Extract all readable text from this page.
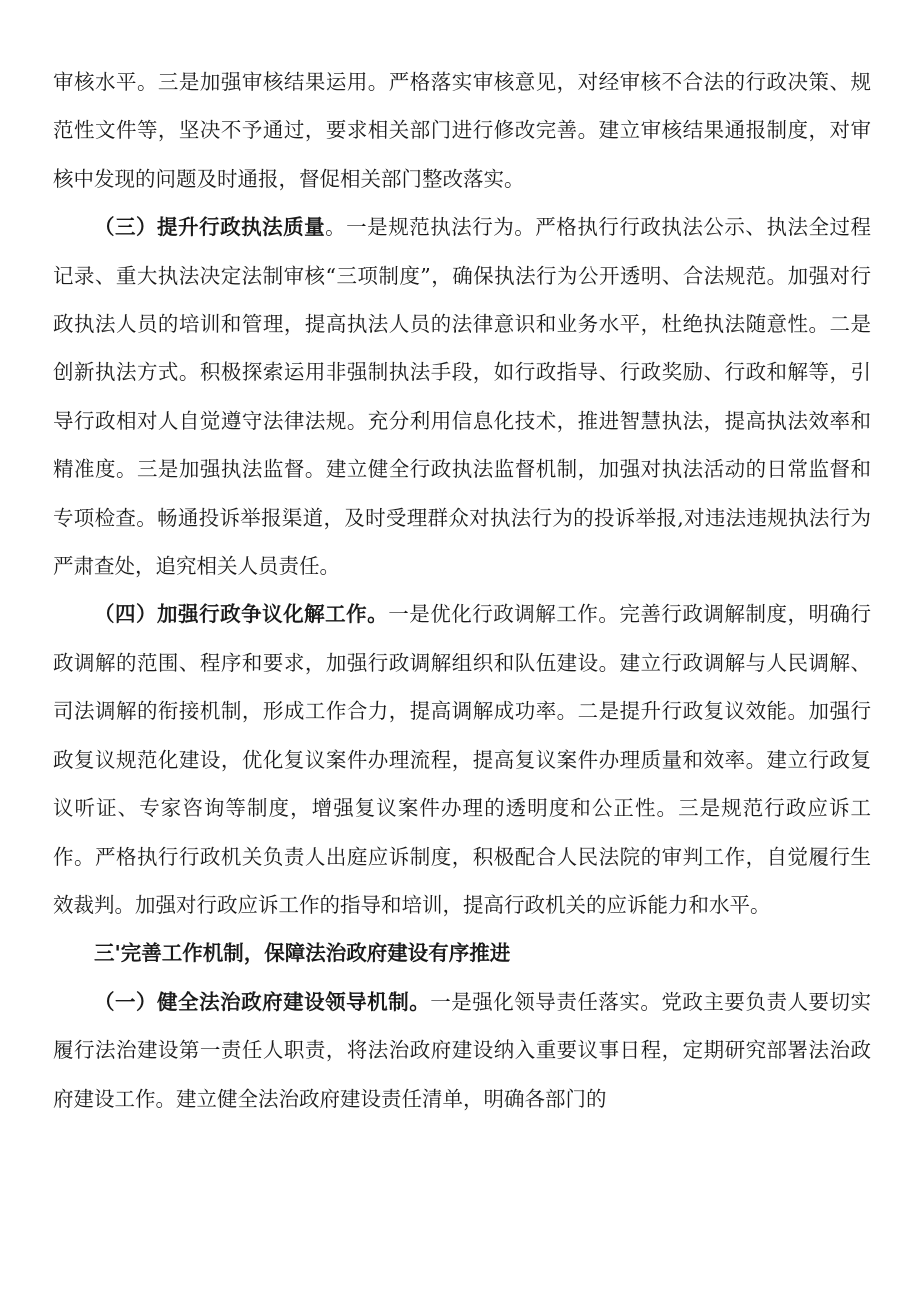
审核水平。三是加强审核结果运用。严格落实审核意见，对经审核不合法的行政决策、规范性文件等，坚决不予通过，要求相关部门进行修改完善。建立审核结果通报制度，对审核中发现的问题及时通报，督促相关部门整改落实。

（三）提升行政执法质量。一是规范执法行为。严格执行行政执法公示、执法全过程记录、重大执法决定法制审核“三项制度”，确保执法行为公开透明、合法规范。加强对行政执法人员的培训和管理，提高执法人员的法律意识和业务水平，杜绝执法随意性。二是创新执法方式。积极探索运用非强制执法手段，如行政指导、行政奖励、行政和解等，引导行政相对人自觉遵守法律法规。充分利用信息化技术，推进智慧执法，提高执法效率和精准度。三是加强执法监督。建立健全行政执法监督机制，加强对执法活动的日常监督和专项检查。畅通投诉举报渠道，及时受理群众对执法行为的投诉举报,对违法违规执法行为严肃查处，追究相关人员责任。

（四）加强行政争议化解工作。一是优化行政调解工作。完善行政调解制度，明确行政调解的范围、程序和要求，加强行政调解组织和队伍建设。建立行政调解与人民调解、司法调解的衔接机制，形成工作合力，提高调解成功率。二是提升行政复议效能。加强行政复议规范化建设，优化复议案件办理流程，提高复议案件办理质量和效率。建立行政复议听证、专家咨询等制度，增强复议案件办理的透明度和公正性。三是规范行政应诉工作。严格执行行政机关负责人出庭应诉制度，积极配合人民法院的审判工作，自觉履行生效裁判。加强对行政应诉工作的指导和培训，提高行政机关的应诉能力和水平。

三'完善工作机制，保障法治政府建设有序推进

（一）健全法治政府建设领导机制。一是强化领导责任落实。党政主要负责人要切实履行法治建设第一责任人职责，将法治政府建设纳入重要议事日程，定期研究部署法治政府建设工作。建立健全法治政府建设责任清单，明确各部门的
